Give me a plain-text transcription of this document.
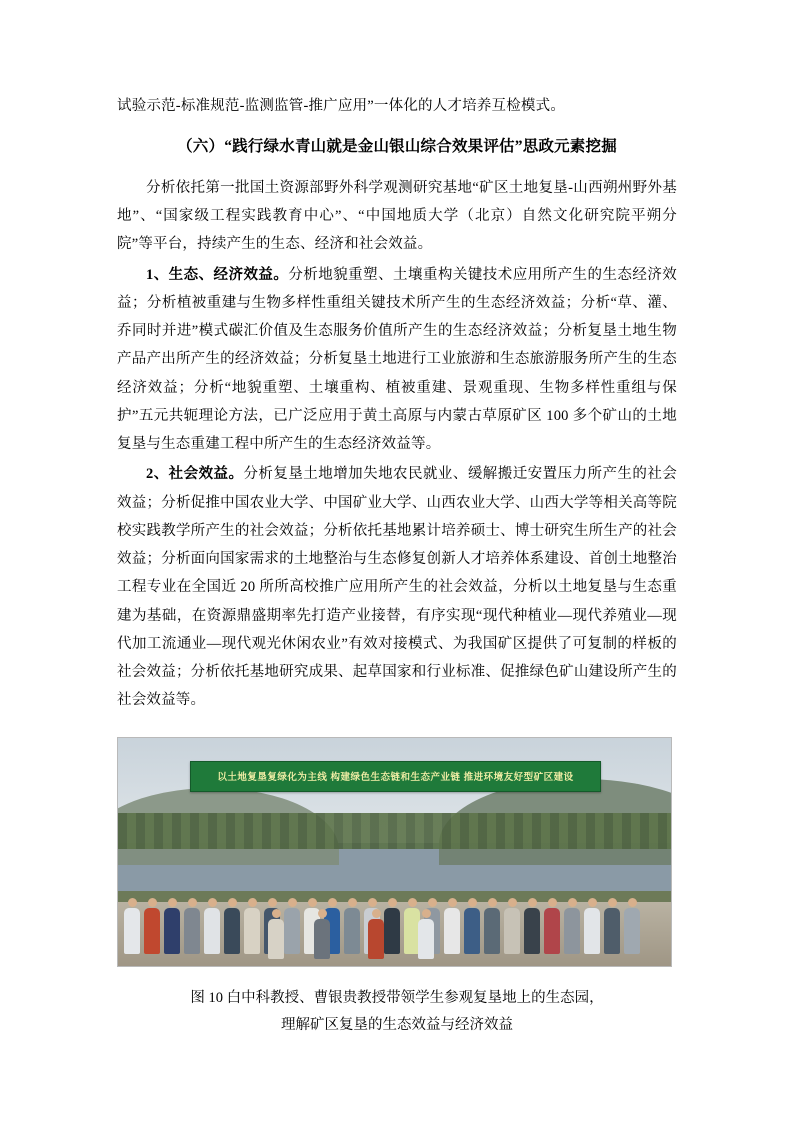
试验示范-标准规范-监测监管-推广应用”一体化的人才培养互检模式。

（六）“践行绿水青山就是金山银山综合效果评估”思政元素挖掘

分析依托第一批国土资源部野外科学观测研究基地“矿区土地复垦-山西朔州野外基地”、“国家级工程实践教育中心”、“中国地质大学（北京）自然文化研究院平朔分院”等平台，持续产生的生态、经济和社会效益。

1、生态、经济效益。分析地貌重塑、土壤重构关键技术应用所产生的生态经济效益；分析植被重建与生物多样性重组关键技术所产生的生态经济效益；分析“草、灌、乔同时并进”模式碳汇价值及生态服务价值所产生的生态经济效益；分析复垦土地生物产品产出所产生的经济效益；分析复垦土地进行工业旅游和生态旅游服务所产生的生态经济效益；分析“地貌重塑、土壤重构、植被重建、景观重现、生物多样性重组与保护”五元共轭理论方法，已广泛应用于黄土高原与内蒙古草原矿区 100 多个矿山的土地复垦与生态重建工程中所产生的生态经济效益等。

2、社会效益。分析复垦土地增加失地农民就业、缓解搬迁安置压力所产生的社会效益；分析促推中国农业大学、中国矿业大学、山西农业大学、山西大学等相关高等院校实践教学所产生的社会效益；分析依托基地累计培养硕士、博士研究生所生产的社会效益；分析面向国家需求的土地整治与生态修复创新人才培养体系建设、首创土地整治工程专业在全国近 20 所所高校推广应用所产生的社会效益，分析以土地复垦与生态重建为基础，在资源鼎盛期率先打造产业接替，有序实现“现代种植业—现代养殖业—现代加工流通业—现代观光休闲农业”有效对接模式、为我国矿区提供了可复制的样板的社会效益；分析依托基地研究成果、起草国家和行业标准、促推绿色矿山建设所产生的社会效益等。

以土地复垦复绿化为主线 构建绿色生态链和生态产业链 推进环境友好型矿区建设
图 10 白中科教授、曹银贵教授带领学生参观复垦地上的生态园，
理解矿区复垦的生态效益与经济效益
